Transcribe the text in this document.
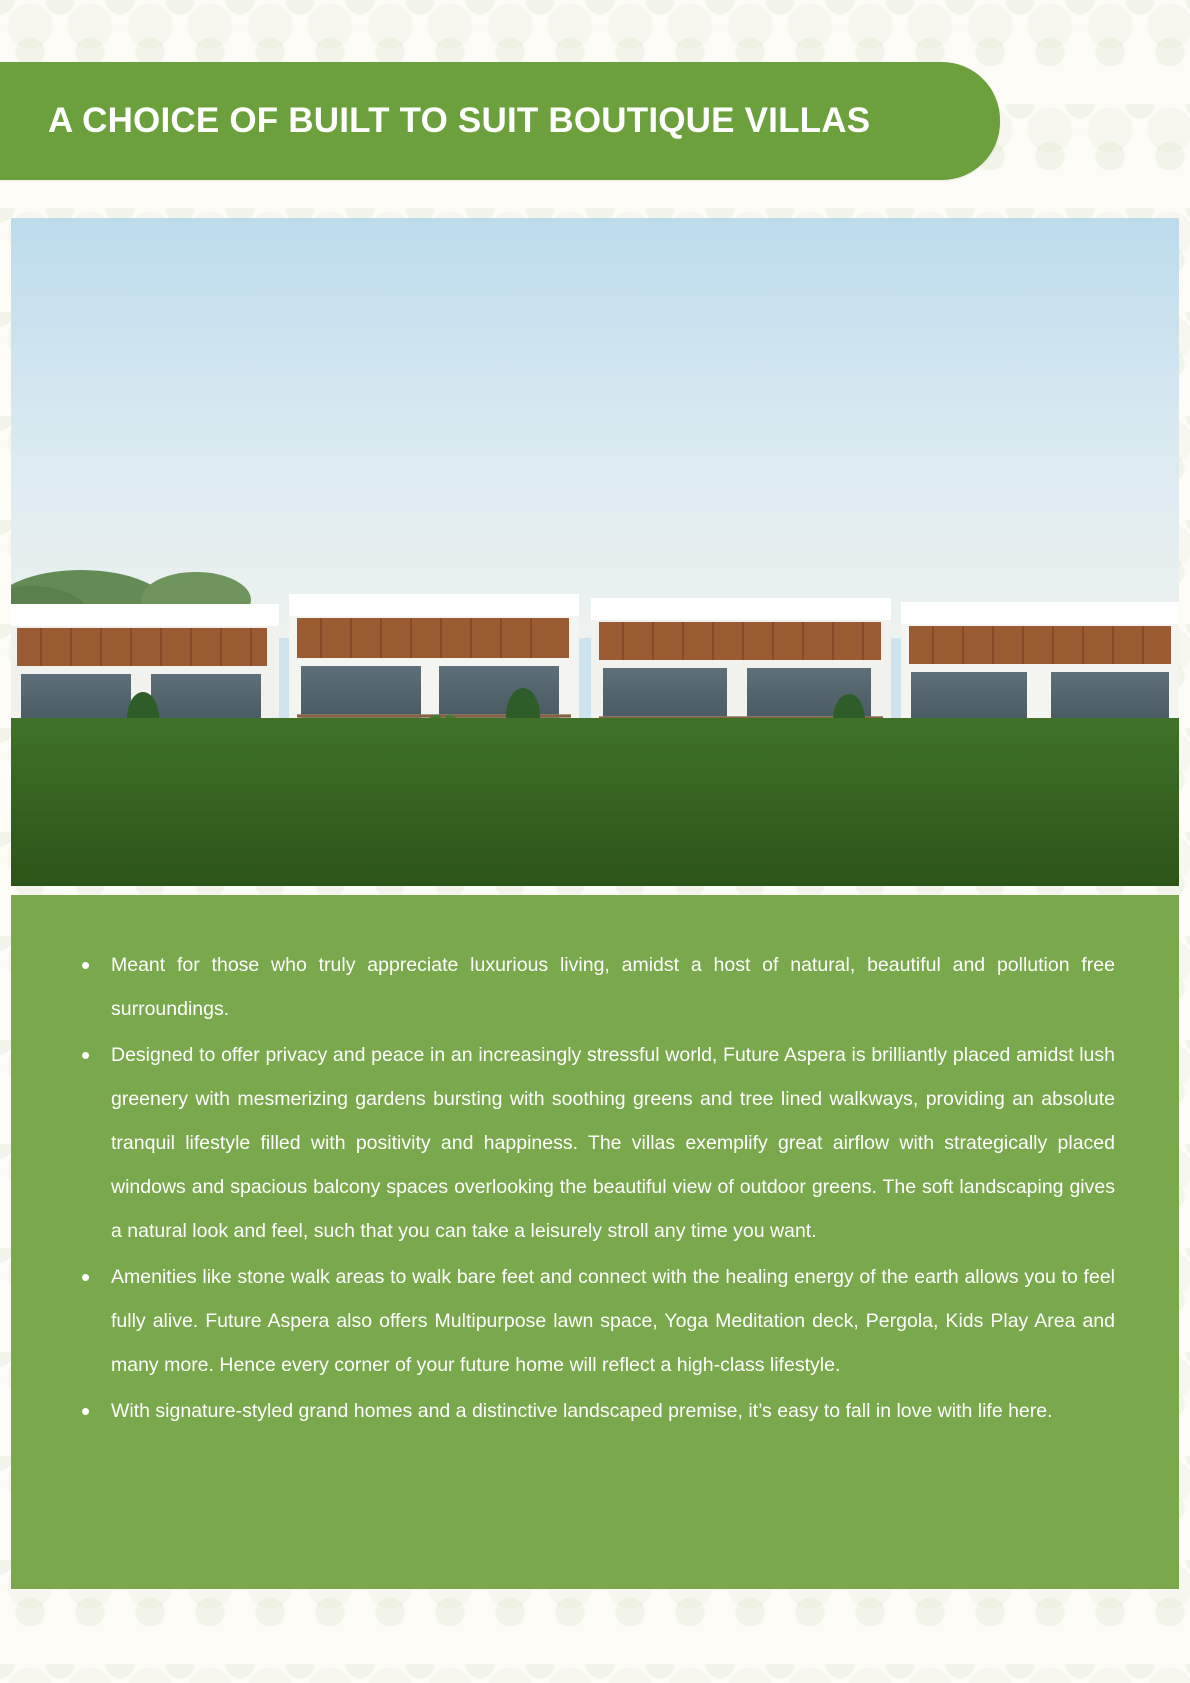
A CHOICE OF BUILT TO SUIT BOUTIQUE VILLAS
• Meant for those who truly appreciate luxurious living, amidst a host of natural, beautiful and pollution free surroundings.
• Designed to offer privacy and peace in an increasingly stressful world, Future Aspera is brilliantly placed amidst lush greenery with mesmerizing gardens bursting with soothing greens and tree lined walkways, providing an absolute tranquil lifestyle filled with positivity and happiness. The villas exemplify great airflow with strategically placed windows and spacious balcony spaces overlooking the beautiful view of outdoor greens. The soft landscaping gives a natural look and feel, such that you can take a leisurely stroll any time you want.
• Amenities like stone walk areas to walk bare feet and connect with the healing energy of the earth allows you to feel fully alive. Future Aspera also offers Multipurpose lawn space, Yoga Meditation deck, Pergola, Kids Play Area and many more. Hence every corner of your future home will reflect a high-class lifestyle.
• With signature-styled grand homes and a distinctive landscaped premise, it’s easy to fall in love with life here.
